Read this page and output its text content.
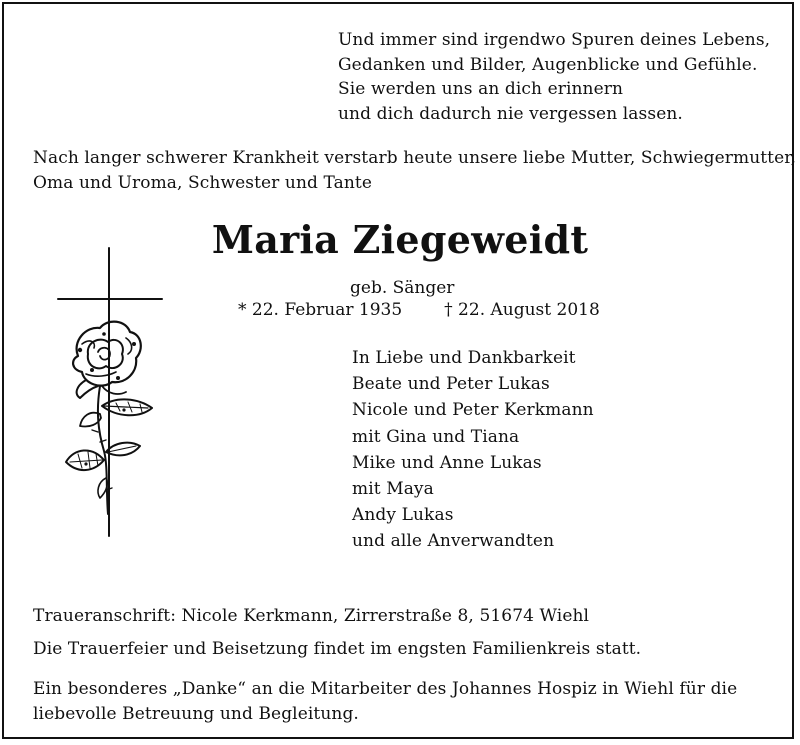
Und immer sind irgendwo Spuren deines Lebens,
Gedanken und Bilder, Augenblicke und Gefühle.
Sie werden uns an dich erinnern
und dich dadurch nie vergessen lassen.
Nach langer schwerer Krankheit verstarb heute unsere liebe Mutter, Schwiegermutter,
Oma und Uroma, Schwester und Tante
Maria Ziegeweidt
geb. Sänger
* 22. Februar 1935 † 22. August 2018
In Liebe und Dankbarkeit
Beate und Peter Lukas
Nicole und Peter Kerkmann
mit Gina und Tiana
Mike und Anne Lukas
mit Maya
Andy Lukas
und alle Anverwandten
Traueranschrift: Nicole Kerkmann, Zirrerstraße 8, 51674 Wiehl
Die Trauerfeier und Beisetzung findet im engsten Familienkreis statt.
Ein besonderes „Danke“ an die Mitarbeiter des Johannes Hospiz in Wiehl für die
liebevolle Betreuung und Begleitung.
